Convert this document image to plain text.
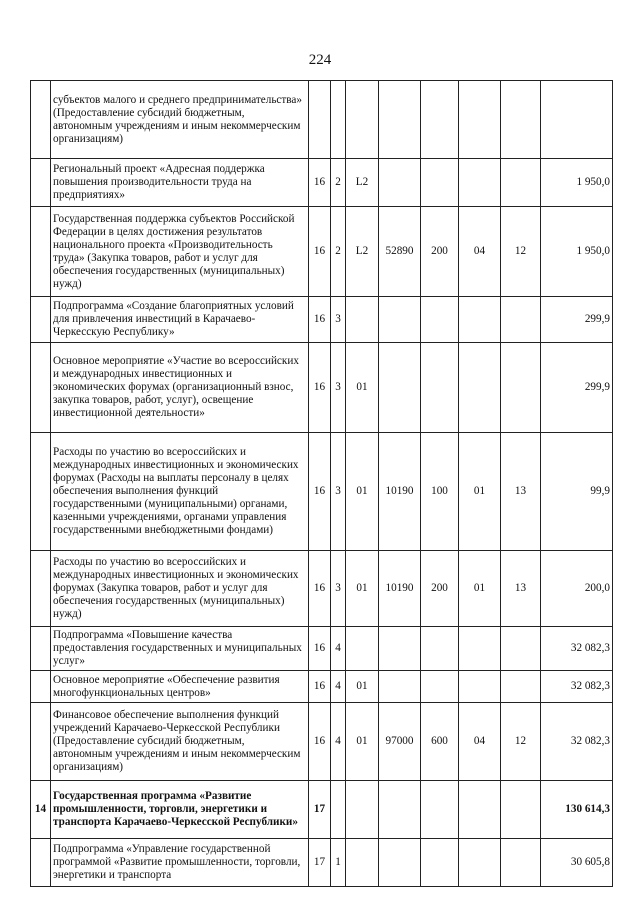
224
	субъектов малого и среднего предпринимательства» (Предоставление субсидий бюджетным, автономным учреждениям и иным некоммерческим организациям)								
	Региональный проект «Адресная поддержка повышения производительности труда на предприятиях»	16	2	L2					1 950,0
	Государственная поддержка субъектов Российской Федерации в целях достижения результатов национального проекта «Производительность труда» (Закупка товаров, работ и услуг для обеспечения государственных (муниципальных) нужд)	16	2	L2	52890	200	04	12	1 950,0
	Подпрограмма «Создание благоприятных условий для привлечения инвестиций в Карачаево-Черкесскую Республику»	16	3						299,9
	Основное мероприятие «Участие во всероссийских и международных инвестиционных и экономических форумах (организационный взнос, закупка товаров, работ, услуг), освещение инвестиционной деятельности»	16	3	01					299,9
	Расходы по участию во всероссийских и международных инвестиционных и экономических форумах (Расходы на выплаты персоналу в целях обеспечения выполнения функций государственными (муниципальными) органами, казенными учреждениями, органами управления государственными внебюджетными фондами)	16	3	01	10190	100	01	13	99,9
	Расходы по участию во всероссийских и международных инвестиционных и экономических форумах (Закупка товаров, работ и услуг для обеспечения государственных (муниципальных) нужд)	16	3	01	10190	200	01	13	200,0
	Подпрограмма «Повышение качества предоставления государственных и муниципальных услуг»	16	4						32 082,3
	Основное мероприятие «Обеспечение развития многофункциональных центров»	16	4	01					32 082,3
	Финансовое обеспечение выполнения функций учреждений Карачаево-Черкесской Республики (Предоставление субсидий бюджетным, автономным учреждениям и иным некоммерческим организациям)	16	4	01	97000	600	04	12	32 082,3
14	Государственная программа «Развитие промышленности, торговли, энергетики и транспорта Карачаево-Черкесской Республики»	17							130 614,3
	Подпрограмма «Управление государственной программой «Развитие промышленности, торговли, энергетики и транспорта	17	1						30 605,8
